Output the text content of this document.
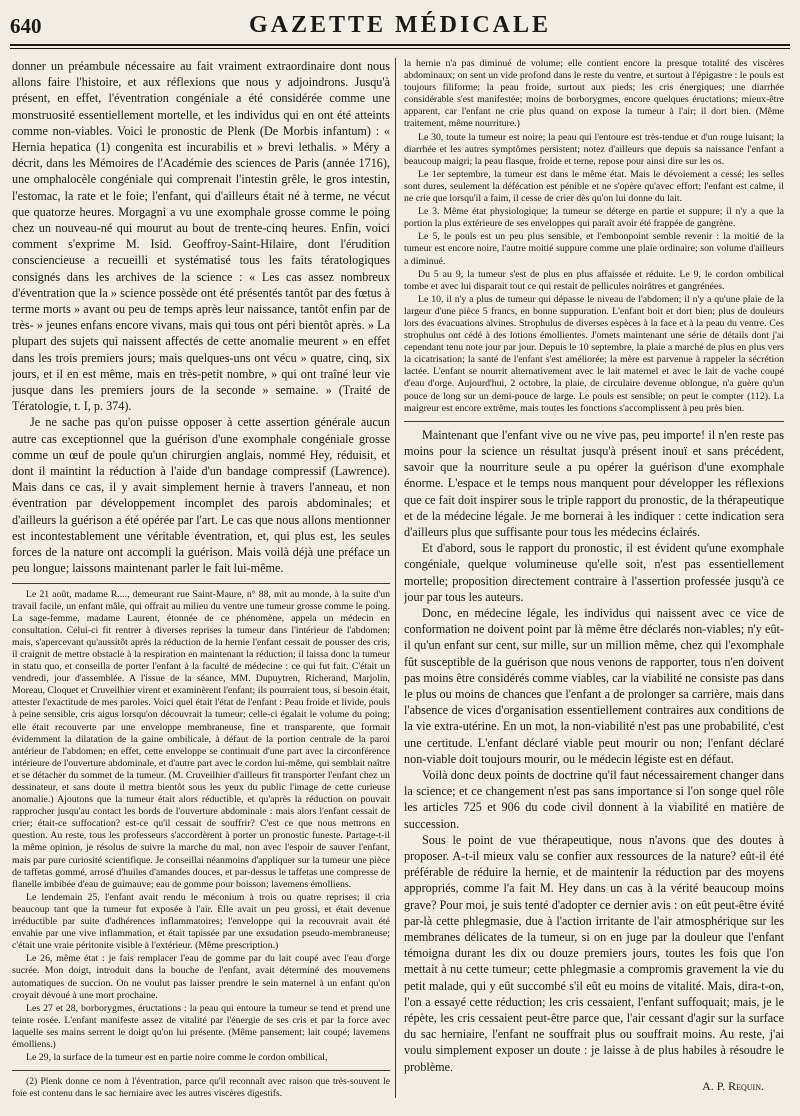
640	GAZETTE MÉDICALE

donner un préambule nécessaire au fait vraiment extraordinaire dont nous allons faire l'histoire, et aux réflexions que nous y adjoindrons. Jusqu'à présent, en effet, l'éventration congéniale a été considérée comme une monstruosité essentiellement mortelle, et les individus qui en ont été atteints comme non-viables. Voici le pronostic de Plenk (De Morbis infantum) : « Hernia hepatica (1) congenita est incurabilis et » brevi lethalis. » Méry a décrit, dans les Mémoires de l'Académie des sciences de Paris (année 1716), une omphalocèle congéniale qui comprenait l'intestin grêle, le gros intestin, l'estomac, la rate et le foie; l'enfant, qui d'ailleurs était né à terme, ne vécut que quatorze heures. Morgagni a vu une exomphale grosse comme le poing chez un nouveau-né qui mourut au bout de trente-cinq heures. Enfin, voici comment s'exprime M. Isid. Geoffroy-Saint-Hilaire, dont l'érudition consciencieuse a recueilli et systématisé tous les faits tératologiques consignés dans les archives de la science : « Les cas assez nombreux d'éventration que la » science possède ont été présentés tantôt par des fœtus à terme morts » avant ou peu de temps après leur naissance, tantôt enfin par de très- » jeunes enfans encore vivans, mais qui tous ont péri bientôt après. » La plupart des sujets qui naissent affectés de cette anomalie meurent » en effet dans les trois premiers jours; mais quelques-uns ont vécu » quatre, cinq, six jours, et il en est même, mais en très-petit nombre, » qui ont traîné leur vie jusque dans les premiers jours de la seconde » semaine. » (Traité de Tératologie, t. I, p. 374).

Je ne sache pas qu'on puisse opposer à cette assertion générale aucun autre cas exceptionnel que la guérison d'une exomphale congéniale grosse comme un œuf de poule qu'un chirurgien anglais, nommé Hey, réduisit, et dont il maintint la réduction à l'aide d'un bandage compressif (Lawrence). Mais dans ce cas, il y avait simplement hernie à travers l'anneau, et non éventration par développement incomplet des parois abdominales; et d'ailleurs la guérison a été opérée par l'art. Le cas que nous allons mentionner est incontestablement une véritable éventration, et, qui plus est, les seules forces de la nature ont accompli la guérison. Mais voilà déjà une préface un peu longue; laissons maintenant parler le fait lui-même.

Le 21 août, madame R...., demeurant rue Saint-Maure, n° 88, mit au monde, à la suite d'un travail facile, un enfant mâle, qui offrait au milieu du ventre une tumeur grosse comme le poing. La sage-femme, madame Laurent, étonnée de ce phénomène, appela un médecin en consultation. Celui-ci fit rentrer à diverses reprises la tumeur dans l'intérieur de l'abdomen; mais, s'apercevant qu'aussitôt après la réduction de la hernie l'enfant cessait de pousser des cris, il craignit de mettre obstacle à la respiration en maintenant la réduction; il laissa donc la tumeur in statu quo, et conseilla de porter l'enfant à la faculté de médecine : ce qui fut fait. C'était un vendredi, jour d'assemblée. A l'issue de la séance, MM. Dupuytren, Richerand, Marjolin, Moreau, Cloquet et Cruveilhier virent et examinèrent l'enfant; ils pourraient tous, si besoin était, attester l'exactitude de mes paroles. Voici quel était l'état de l'enfant : Peau froide et livide, pouls à peine sensible, cris aigus lorsqu'on découvrait la tumeur; celle-ci égalait le volume du poing; elle était recouverte par une enveloppe membraneuse, fine et transparente, que formait évidemment la dilatation de la gaine ombilicale, à défaut de la portion centrale de la paroi antérieur de l'abdomen; en effet, cette enveloppe se continuait d'une part avec la circonférence intérieure de l'ouverture abdominale, et d'autre part avec le cordon lui-même, qui semblait naître et se détacher du sommet de la tumeur. (M. Cruveilhier d'ailleurs fit transporter l'enfant chez un dessinateur, et sans doute il mettra bientôt sous les yeux du public l'image de cette curieuse anomalie.) Ajoutons que la tumeur était alors réductible, et qu'après la réduction on pouvait rapprocher jusqu'au contact les bords de l'ouverture abdominale : mais alors l'enfant cessait de crier; était-ce suffocation? est-ce qu'il cessait de souffrir? C'est ce que nous mettrons en question. Au reste, tous les professeurs s'accordèrent à porter un pronostic funeste. Partage-t-il la même opinion, je résolus de suivre la marche du mal, non avec l'espoir de sauver l'enfant, mais par pure curiosité scientifique. Je conseillai néanmoins d'appliquer sur la tumeur une pièce de taffetas gommé, arrosé d'huiles d'amandes douces, et par-dessus le taffetas une compresse de flanelle imbibée d'eau de guimauve; eau de gomme pour boisson; lavemens émolliens.

Le lendemain 25, l'enfant avait rendu le méconium à trois ou quatre reprises; il cria beaucoup tant que la tumeur fut exposée à l'air. Elle avait un peu grossi, et était devenue irréductible par suite d'adhérences inflammatoires; l'enveloppe qui la recouvrait avait été envahie par une vive inflammation, et était tapissée par une exsudation pseudo-membraneuse; c'était une vraie péritonite visible à l'extérieur. (Même prescription.)

Le 26, même état : je fais remplacer l'eau de gomme par du lait coupé avec l'eau d'orge sucrée. Mon doigt, introduit dans la bouche de l'enfant, avait déterminé des mouvemens automatiques de succion. On ne voulut pas laisser prendre le sein maternel à un enfant qu'on croyait dévoué à une mort prochaine.

Les 27 et 28, borborygmes, éructations : la peau qui entoure la tumeur se tend et prend une teinte rosée. L'enfant manifeste assez de vitalité par l'énergie de ses cris et par la force avec laquelle ses mains serrent le doigt qu'on lui présente. (Même pansement; lait coupé; lavemens émolliens.)

Le 29, la surface de la tumeur est en partie noire comme le cordon ombilical,

(2) Plenk donne ce nom à l'éventration, parce qu'il reconnaît avec raison que très-souvent le foie est contenu dans le sac herniaire avec les autres viscères digestifs.

la hernie n'a pas diminué de volume; elle contient encore la presque totalité des viscères abdominaux; on sent un vide profond dans le reste du ventre, et surtout à l'épigastre : le pouls est toujours filiforme; la peau froide, surtout aux pieds; les cris énergiques; une diarrhée considérable s'est manifestée; moins de borborygmes, encore quelques éructations; mieux-être apparent, car l'enfant ne crie plus quand on expose la tumeur à l'air; il dort bien. (Même traitement, même nourriture.)

Le 30, toute la tumeur est noire; la peau qui l'entoure est très-tendue et d'un rouge luisant; la diarrhée et les autres symptômes persistent; notez d'ailleurs que depuis sa naissance l'enfant a beaucoup maigri; la peau flasque, froide et terne, repose pour ainsi dire sur les os.

Le 1er septembre, la tumeur est dans le même état. Mais le dévoiement a cessé; les selles sont dures, seulement la défécation est pénible et ne s'opère qu'avec effort; l'enfant est calme, il ne crie que lorsqu'il a faim, il cesse de crier dès qu'on lui donne du lait.

Le 3. Même état physiologique; la tumeur se déterge en partie et suppure; il n'y a que la portion la plus extérieure de ses enveloppes qui paraît avoir été frappée de gangrène.

Le 5, le pouls est un peu plus sensible, et l'embonpoint semble revenir : la moitié de la tumeur est encore noire, l'autre moitié suppure comme une plaie ordinaire; son volume d'ailleurs a diminué.

Du 5 au 9, la tumeur s'est de plus en plus affaissée et réduite. Le 9, le cordon ombilical tombe et avec lui disparait tout ce qui restait de pellicules noirâtres et gangrénées.

Le 10, il n'y a plus de tumeur qui dépasse le niveau de l'abdomen; il n'y a qu'une plaie de la largeur d'une pièce 5 francs, en bonne suppuration. L'enfant boit et dort bien; plus de douleurs lors des évacuations alvines. Strophulus de diverses espèces à la face et à la peau du ventre. Ces strophulus ont cédé à des lotions émollientes. J'omets maintenant une série de détails dont j'ai cependant tenu note jour par jour. Depuis le 10 septembre, la plaie a marché de plus en plus vers la cicatrisation; la santé de l'enfant s'est améliorée; la mère est parvenue à rappeler la sécrétion lactée. L'enfant se nourrit alternativement avec le lait maternel et avec le lait de vache coupé d'eau d'orge. Aujourd'hui, 2 octobre, la plaie, de circulaire devenue oblongue, n'a guère qu'un pouce de long sur un demi-pouce de large. Le pouls est sensible; on peut le compter (112). La maigreur est encore extrême, mais toutes les fonctions s'accomplissent à peu près bien.

Maintenant que l'enfant vive ou ne vive pas, peu importe! il n'en reste pas moins pour la science un résultat jusqu'à présent inouï et sans précédent, savoir que la nourriture seule a pu opérer la guérison d'une exomphale énorme. L'espace et le temps nous manquent pour développer les réflexions que ce fait doit inspirer sous le triple rapport du pronostic, de la thérapeutique et de la médecine légale. Je me bornerai à les indiquer : cette indication sera d'ailleurs plus que suffisante pour tous les médecins éclairés.

Et d'abord, sous le rapport du pronostic, il est évident qu'une exomphale congéniale, quelque volumineuse qu'elle soit, n'est pas essentiellement mortelle; proposition directement contraire à l'assertion professée jusqu'à ce jour par tous les auteurs.

Donc, en médecine légale, les individus qui naissent avec ce vice de conformation ne doivent point par là même être déclarés non-viables; n'y eût-il qu'un enfant sur cent, sur mille, sur un million même, chez qui l'exomphale fût susceptible de la guérison que nous venons de rapporter, tous n'en doivent pas moins être considérés comme viables, car la viabilité ne consiste pas dans le plus ou moins de chances que l'enfant a de prolonger sa carrière, mais dans l'absence de vices d'organisation essentiellement contraires aux conditions de la vie extra-utérine. En un mot, la non-viabilité n'est pas une probabilité, c'est une certitude. L'enfant déclaré viable peut mourir ou non; l'enfant déclaré non-viable doit toujours mourir, ou le médecin légiste est en défaut.

Voilà donc deux points de doctrine qu'il faut nécessairement changer dans la science; et ce changement n'est pas sans importance si l'on songe quel rôle les articles 725 et 906 du code civil donnent à la viabilité en matière de succession.

Sous le point de vue thérapeutique, nous n'avons que des doutes à proposer. A-t-il mieux valu se confier aux ressources de la nature? eût-il été préférable de réduire la hernie, et de maintenir la réduction par des moyens appropriés, comme l'a fait M. Hey dans un cas à la vérité beaucoup moins grave? Pour moi, je suis tenté d'adopter ce dernier avis : on eût peut-être évité par-là cette phlegmasie, due à l'action irritante de l'air atmosphérique sur les membranes délicates de la tumeur, si on en juge par la douleur que l'enfant témoigna durant les dix ou douze premiers jours, toutes les fois que l'on mettait à nu cette tumeur; cette phlegmasie a compromis gravement la vie du petit malade, qui y eût succombé s'il eût eu moins de vitalité. Mais, dira-t-on, l'on a essayé cette réduction; les cris cessaient, l'enfant suffoquait; mais, je le répète, les cris cessaient peut-être parce que, l'air cessant d'agir sur la surface du sac herniaire, l'enfant ne souffrait plus ou souffrait moins. Au reste, j'ai voulu simplement exposer un doute : je laisse à de plus habiles à résoudre le problème.

A. P. Requin.
